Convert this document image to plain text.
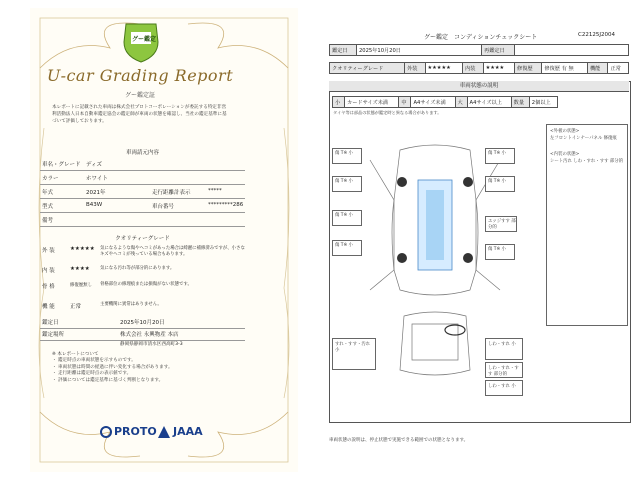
グー鑑定
U-car Grading Report
グー鑑定証
本レポートに記載された車両は株式会社プロトコーポレーションが委託する特定非営利活動法人日本自動車鑑定協会の鑑定師が車両の状態を確認し、当社の鑑定基準に基づいて評価しております。
車両請元内容
車名・グレード ディズ
カラー	ホワイト
年式	2021年	走行距離計表示	*****
型式	B43W	車台番号	*********286
備考
クオリティーグレード
外 装	★★★★★ 気になるような傷やヘコミがあった場合は綺麗に補修済みですが、小さなキズやヘコミが残っている場合もあります。
内 装	★★★★ 気になる汚れ等が部分的にあります。
骨 格	修復歴無し 骨格部位の修理痕または損傷がない状態です。
機 能	正常	主要機関に異常はありません。
鑑定日	2025年10月20日
鑑定場所	株式会社 永興物産 本店
静岡県静岡市清水区西高町3-3
※ 本レポートについて
・ 鑑定時点の車両状態を示すものです。
・ 車両状態は時間の経過に伴い変化する場合があります。
・ 走行距離は鑑定時点の表示値です。
・ 評価については鑑定基準に基づく判断となります。
PROTO JAAA
グー鑑定　コンディションチェックシート	C22125J2004
鑑定日	2025年10月20日	再鑑定日	
クオリティーグレード	外装	★★★★★	内装	★★★★	修復歴	修復歴 有 無	機能	正常
車両状態の説明
小	カードサイズ未満	中	A4サイズ未満	大	A4サイズ以上	数量	2個以上
タイヤ等は部品の状態が鑑定時と異なる場合があります。
傷 T※ 小
傷 T※ 小
傷 T※ 小
傷 T※ 小
傷 T※ 小
エッジすす 部分的
傷 T※ 小
傷 T※ 小
すれ・すす・汚れ 小
しわ・すれ 小
しわ・すれ・すす 部分的
しわ・すれ 小
<外板の状態>
左フロントインナーパネル 修復痕
<内装の状態>
シート汚れ しわ・すれ・すす 部分的
車両状態の説明は、停止状態で実施できる範囲での状態となります。
